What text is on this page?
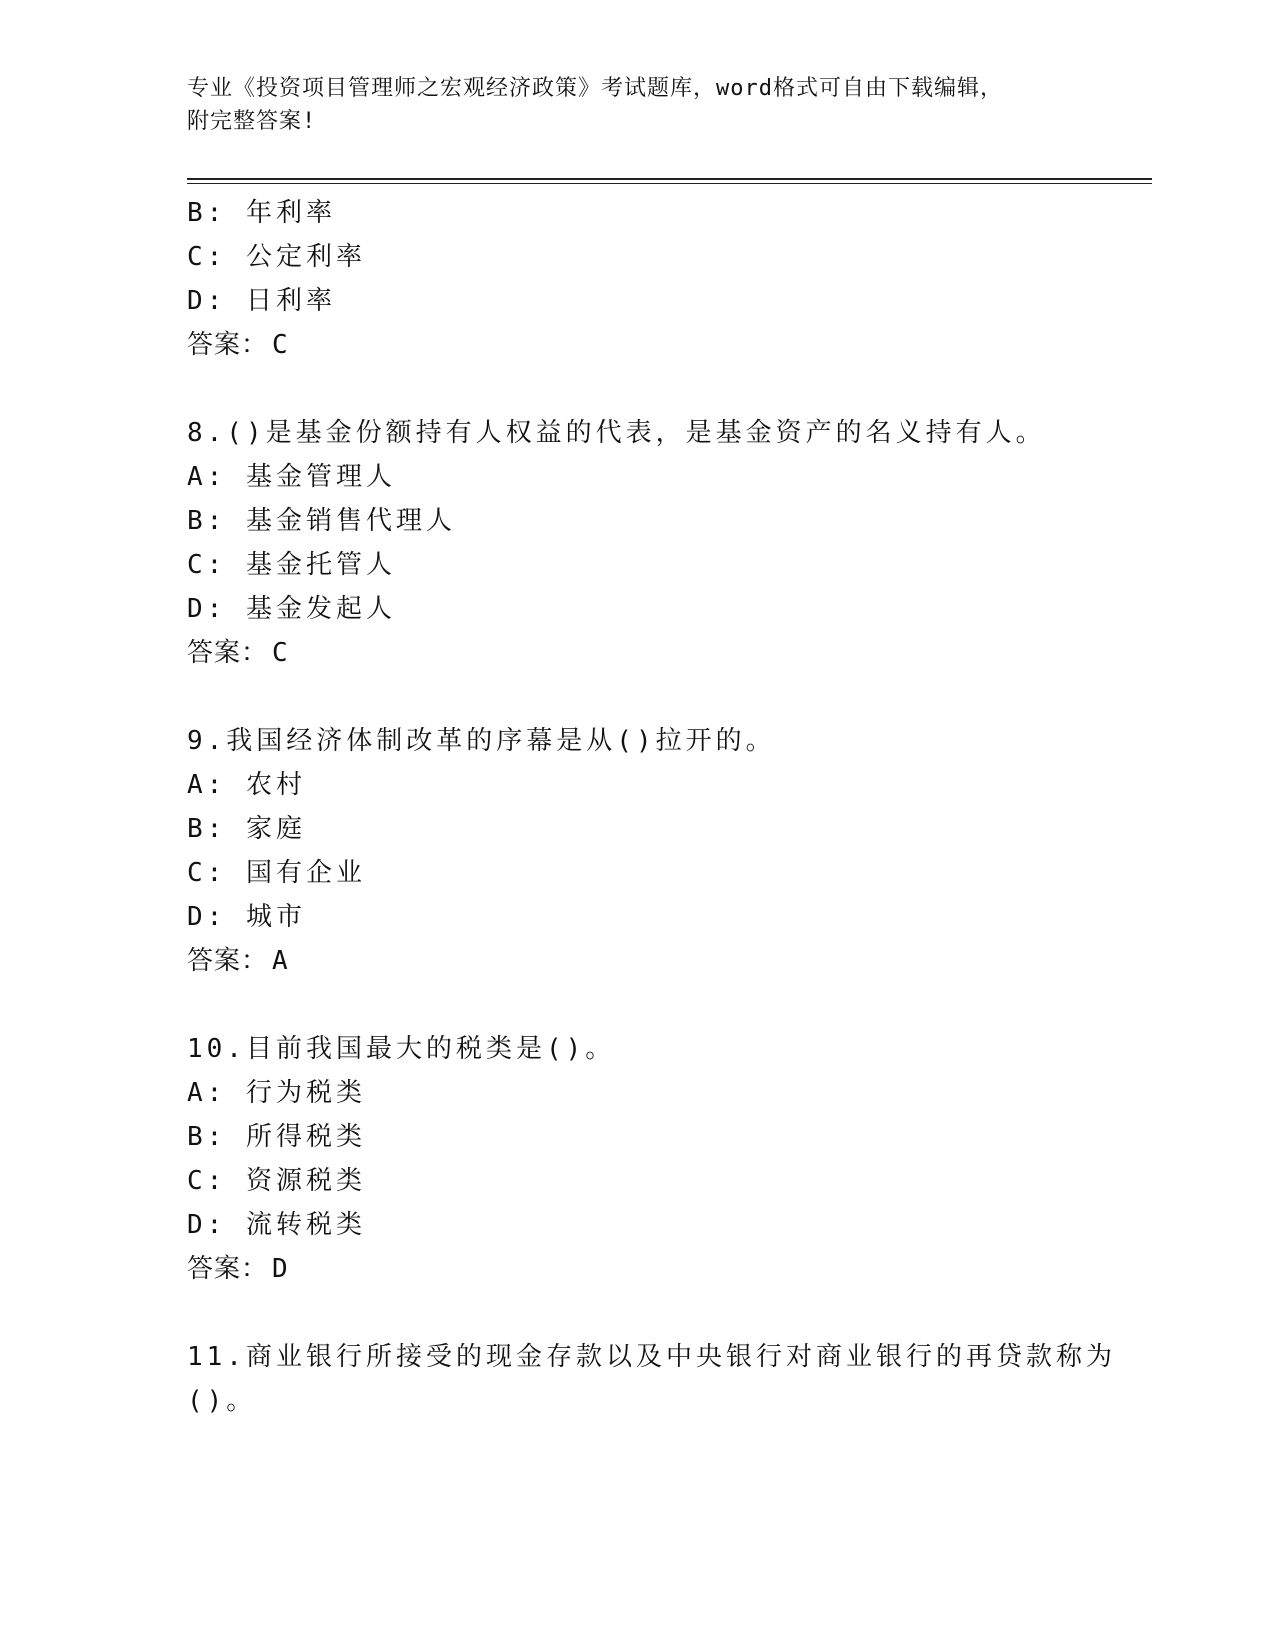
专业《投资项目管理师之宏观经济政策》考试题库，word格式可自由下载编辑，
附完整答案!
B: 年利率
C: 公定利率
D: 日利率
答案： C
8.()是基金份额持有人权益的代表，是基金资产的名义持有人。
A: 基金管理人
B: 基金销售代理人
C: 基金托管人
D: 基金发起人
答案： C
9.我国经济体制改革的序幕是从()拉开的。
A: 农村
B: 家庭
C: 国有企业
D: 城市
答案： A
10.目前我国最大的税类是()。
A: 行为税类
B: 所得税类
C: 资源税类
D: 流转税类
答案： D
11.商业银行所接受的现金存款以及中央银行对商业银行的再贷款称为
()。
